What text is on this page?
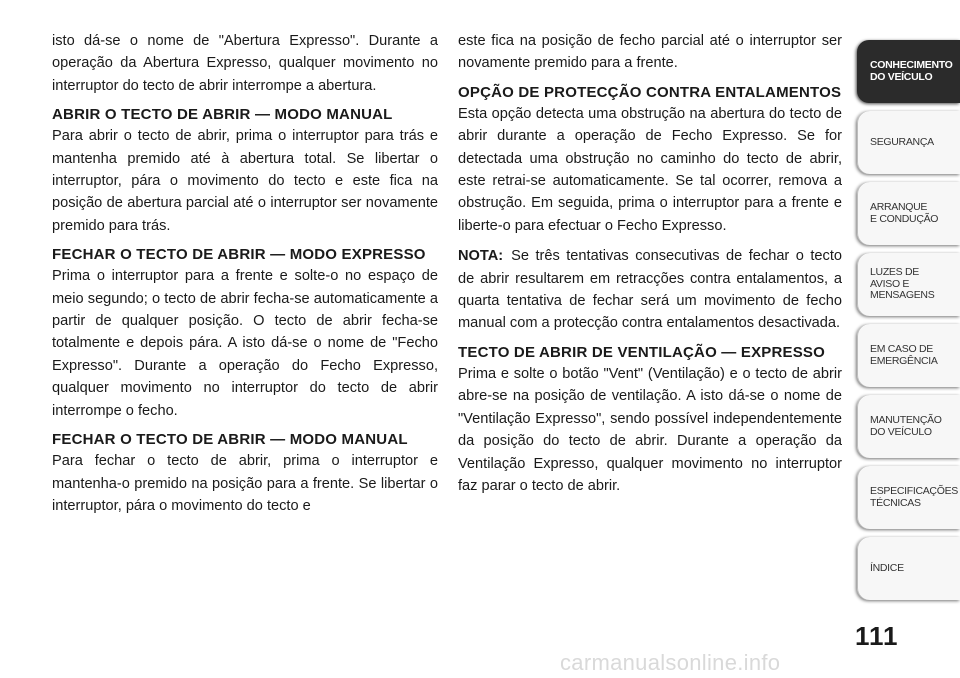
isto dá-se o nome de "Abertura Expresso". Durante a operação da Abertura Expresso, qualquer movimento no interruptor do tecto de abrir interrompe a abertura.

ABRIR O TECTO DE ABRIR — MODO MANUAL

Para abrir o tecto de abrir, prima o interruptor para trás e mantenha premido até à abertura total. Se libertar o interruptor, pára o movimento do tecto e este fica na posição de abertura parcial até o interruptor ser novamente premido para trás.

FECHAR O TECTO DE ABRIR — MODO EXPRESSO

Prima o interruptor para a frente e solte-o no espaço de meio segundo; o tecto de abrir fecha-se automaticamente a partir de qualquer posição. O tecto de abrir fecha-se totalmente e depois pára. A isto dá-se o nome de "Fecho Expresso". Durante a operação do Fecho Expresso, qualquer movimento no interruptor do tecto de abrir interrompe o fecho.

FECHAR O TECTO DE ABRIR — MODO MANUAL

Para fechar o tecto de abrir, prima o interruptor e mantenha-o premido na posição para a frente. Se libertar o interruptor, pára o movimento do tecto e

este fica na posição de fecho parcial até o interruptor ser novamente premido para a frente.

OPÇÃO DE PROTECÇÃO CONTRA ENTALAMENTOS

Esta opção detecta uma obstrução na abertura do tecto de abrir durante a operação de Fecho Expresso. Se for detectada uma obstrução no caminho do tecto de abrir, este retrai-se automaticamente. Se tal ocorrer, remova a obstrução. Em seguida, prima o interruptor para a frente e liberte-o para efectuar o Fecho Expresso.

NOTA: Se três tentativas consecutivas de fechar o tecto de abrir resultarem em retracções contra entalamentos, a quarta tentativa de fechar será um movimento de fecho manual com a protecção contra entalamentos desactivada.

TECTO DE ABRIR DE VENTILAÇÃO — EXPRESSO

Prima e solte o botão "Vent" (Ventilação) e o tecto de abrir abre-se na posição de ventilação. A isto dá-se o nome de "Ventilação Expresso", sendo possível independentemente da posição do tecto de abrir. Durante a operação da Ventilação Expresso, qualquer movimento no interruptor faz parar o tecto de abrir.

CONHECIMENTO
DO VEÍCULO
SEGURANÇA
ARRANQUE
E CONDUÇÃO
LUZES DE
AVISO E
MENSAGENS
EM CASO DE
EMERGÊNCIA
MANUTENÇÃO
DO VEÍCULO
ESPECIFICAÇÕES
TÉCNICAS
ÍNDICE
111
carmanualsonline.info
